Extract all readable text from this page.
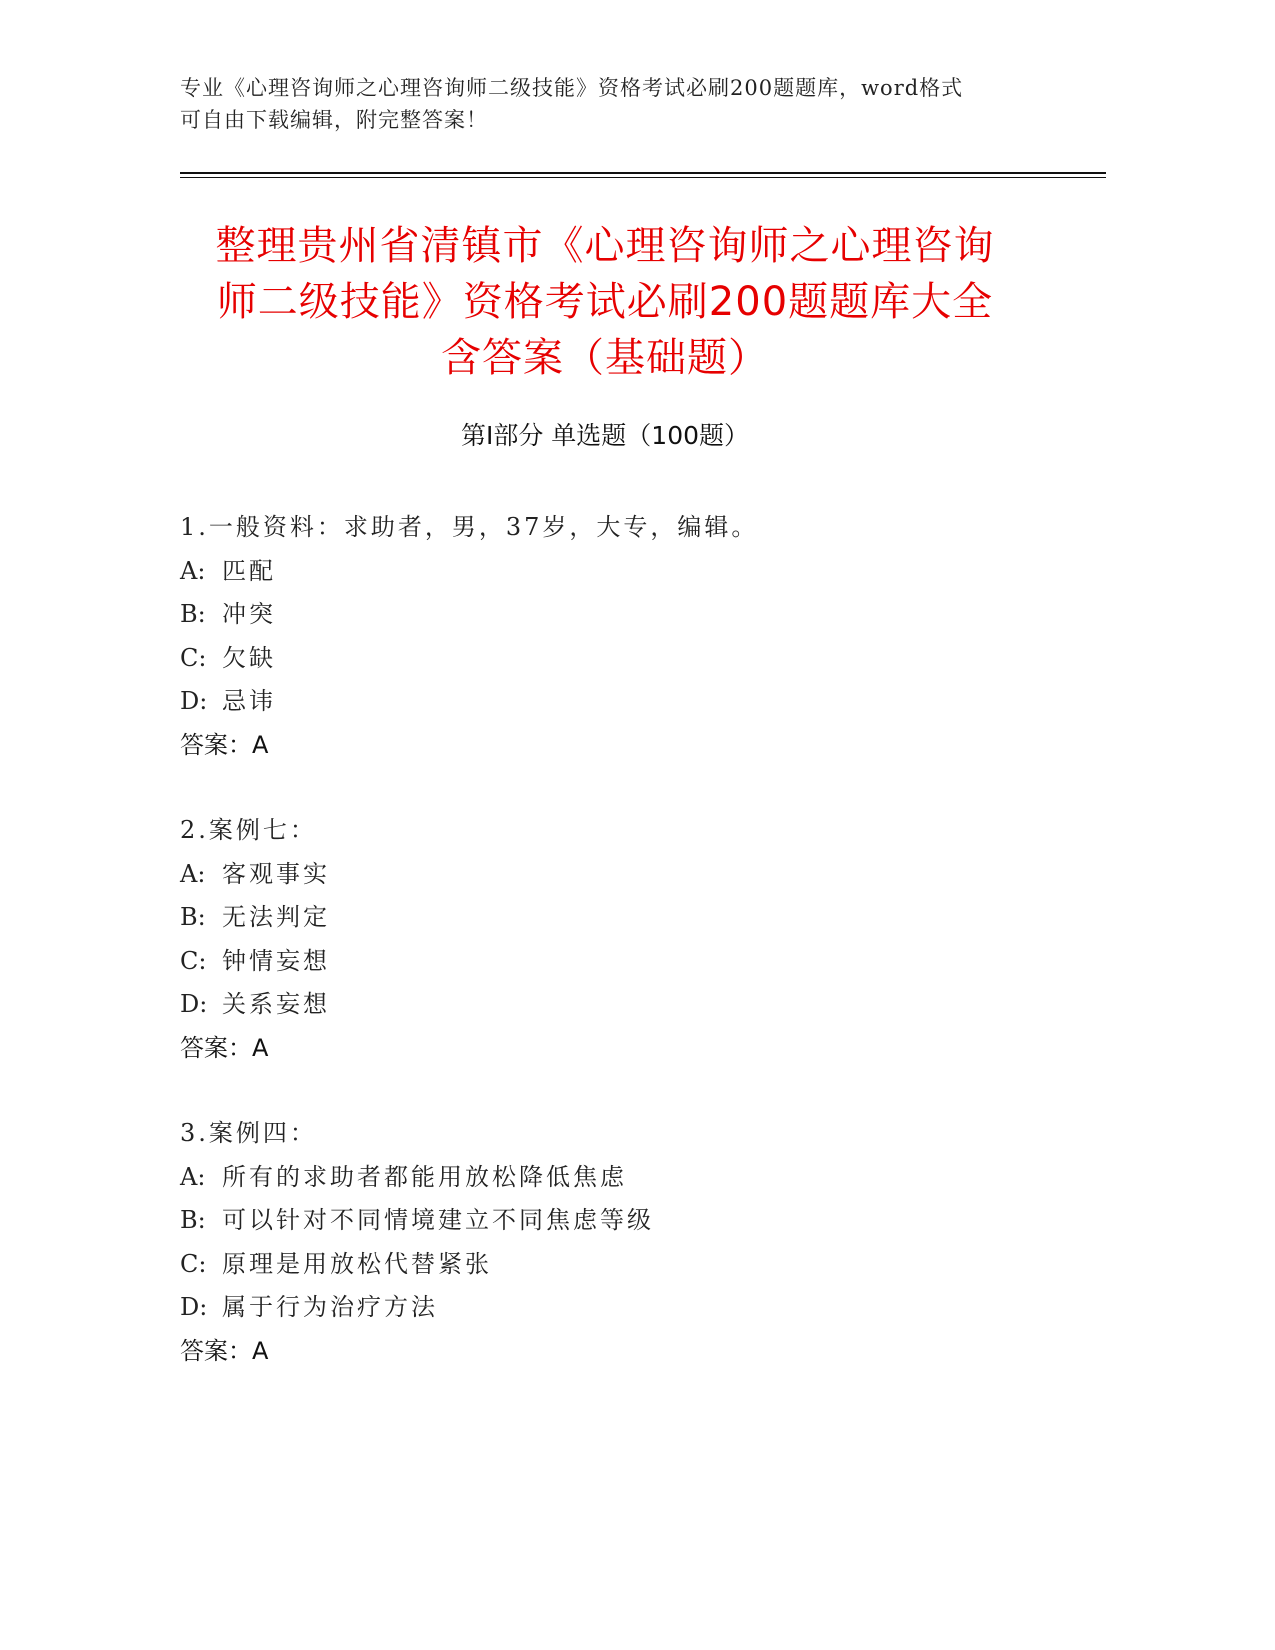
专业《心理咨询师之心理咨询师二级技能》资格考试必刷200题题库，word格式
可自由下载编辑，附完整答案！
整理贵州省清镇市《心理咨询师之心理咨询
师二级技能》资格考试必刷200题题库大全
含答案（基础题）
第Ⅰ部分 单选题（100题）
1.一般资料：求助者，男，37岁，大专，编辑。
A: 匹配
B: 冲突
C: 欠缺
D: 忌讳
答案：A
2.案例七：
A: 客观事实
B: 无法判定
C: 钟情妄想
D: 关系妄想
答案：A
3.案例四：
A: 所有的求助者都能用放松降低焦虑
B: 可以针对不同情境建立不同焦虑等级
C: 原理是用放松代替紧张
D: 属于行为治疗方法
答案：A
